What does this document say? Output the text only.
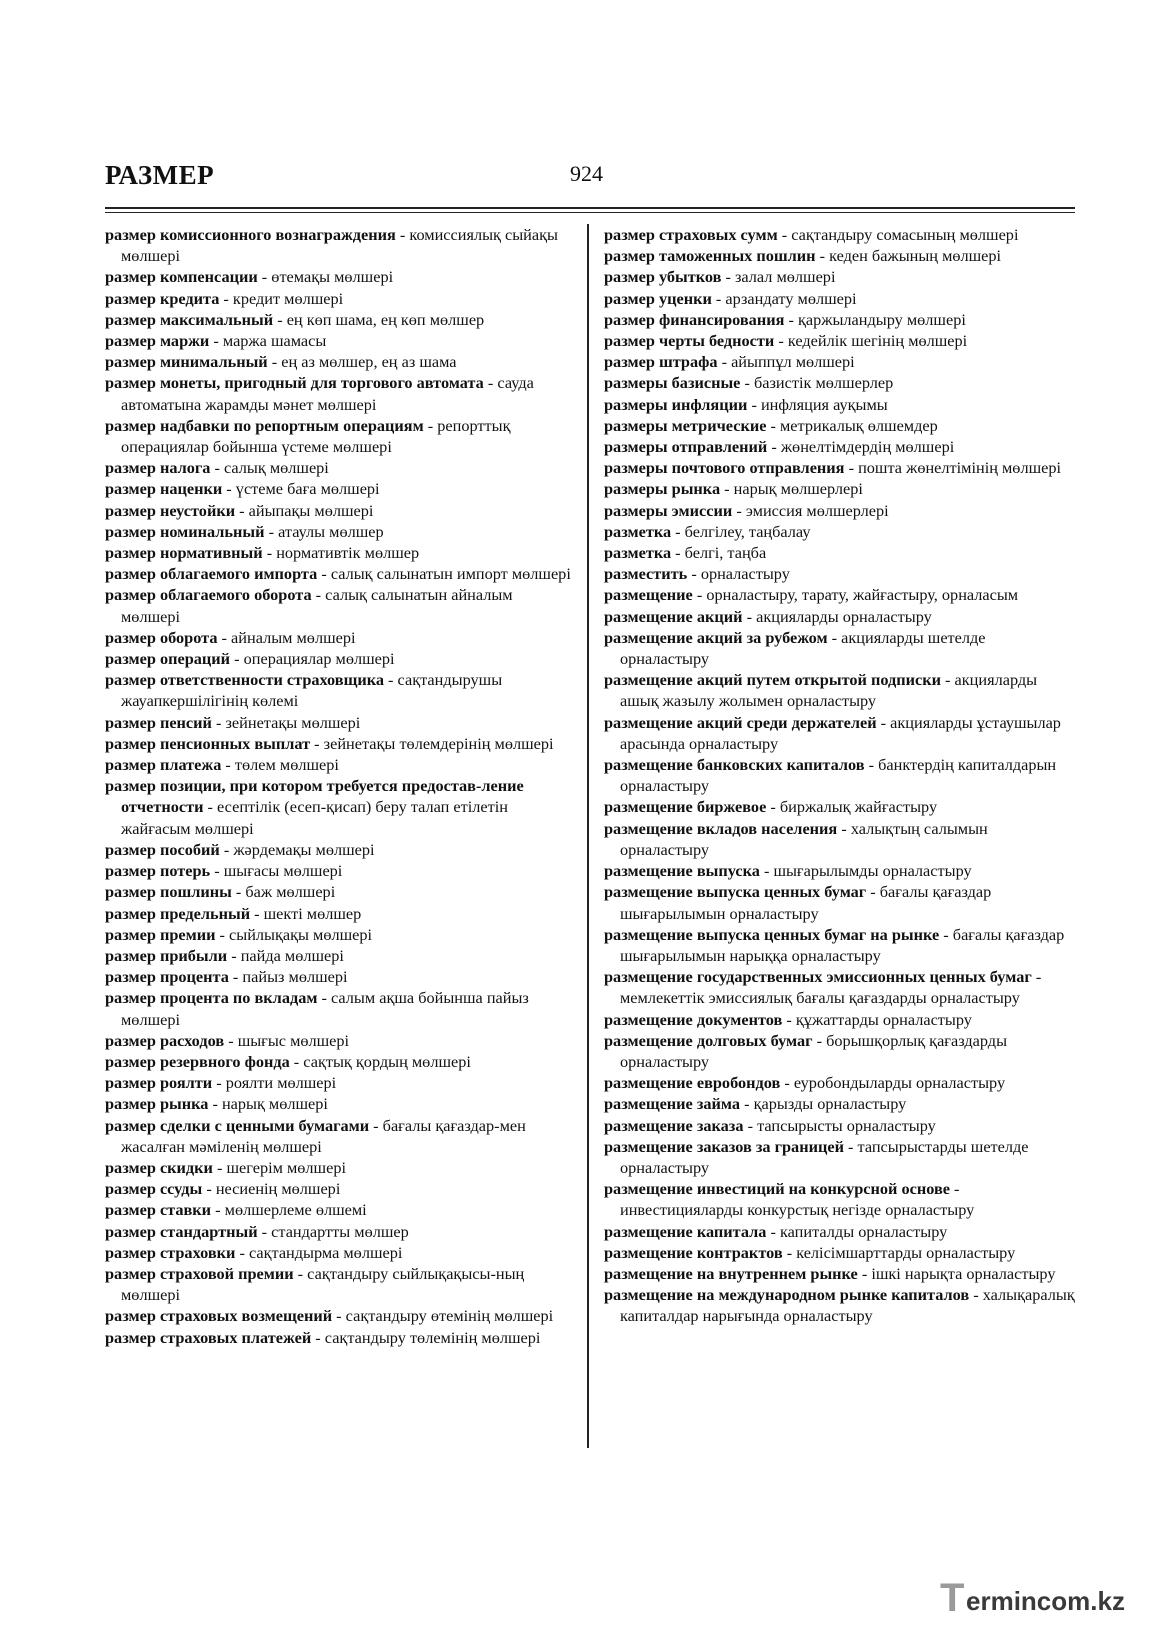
РАЗМЕР	924
размер комиссионного вознаграждения - комиссиялық сыйақы мөлшері
размер компенсации - өтемақы мөлшері
размер кредита - кредит мөлшері
размер максимальный - ең көп шама, ең көп мөлшер
размер маржи - маржа шамасы
размер минимальный - ең аз мөлшер, ең аз шама
размер монеты, пригодный для торгового автомата - сауда автоматына жарамды мəнет мөлшері
размер надбавки по репортным операциям - репорттық операциялар бойынша үстеме мөлшері
размер налога - салық мөлшері
размер наценки - үстеме баға мөлшері
размер неустойки - айыпақы мөлшері
размер номинальный - атаулы мөлшер
размер нормативный - нормативтік мөлшер
размер облагаемого импорта - салық салынатын импорт мөлшері
размер облагаемого оборота - салық салынатын айналым мөлшері
размер оборота - айналым мөлшері
размер операций - операциялар мөлшері
размер ответственности страховщика - сақтандырушы жауапкершілігінің көлемі
размер пенсий - зейнетақы мөлшері
размер пенсионных выплат - зейнетақы төлемдерінің мөлшері
размер платежа - төлем мөлшері
размер позиции, при котором требуется предостав-ление отчетности - есептілік (есеп-қисап) беру талап етілетін жайғасым мөлшері
размер пособий - жəрдемақы мөлшері
размер потерь - шығасы мөлшері
размер пошлины - баж мөлшері
размер предельный - шекті мөлшер
размер премии - сыйлықақы мөлшері
размер прибыли - пайда мөлшері
размер процента - пайыз мөлшері
размер процента по вкладам - салым ақша бойынша пайыз мөлшері
размер расходов - шығыс мөлшері
размер резервного фонда - сақтық қордың мөлшері
размер роялти - роялти мөлшері
размер рынка - нарық мөлшері
размер сделки с ценными бумагами - бағалы қағаздар-мен жасалған мəміленің мөлшері
размер скидки - шегерім мөлшері
размер ссуды - несиенің мөлшері
размер ставки - мөлшерлеме өлшемі
размер стандартный - стандартты мөлшер
размер страховки - сақтандырма мөлшері
размер страховой премии - сақтандыру сыйлықақысы-ның мөлшері
размер страховых возмещений - сақтандыру өтемінің мөлшері
размер страховых платежей - сақтандыру төлемінің мөлшері
размер страховых сумм - сақтандыру сомасының мөлшері
размер таможенных пошлин - кеден бажының мөлшері
размер убытков - залал мөлшері
размер уценки - арзандату мөлшері
размер финансирования - қаржыландыру мөлшері
размер черты бедности - кедейлік шегінің мөлшері
размер штрафа - айыппұл мөлшері
размеры базисные - базистік мөлшерлер
размеры инфляции - инфляция ауқымы
размеры метрические - метрикалық өлшемдер
размеры отправлений - жөнелтімдердің мөлшері
размеры почтового отправления - пошта жөнелтімінің мөлшері
размеры рынка - нарық мөлшерлері
размеры эмиссии - эмиссия мөлшерлері
разметка - белгілеу, таңбалау
разметка - белгі, таңба
разместить - орналастыру
размещение - орналастыру, тарату, жайғастыру, орналасым
размещение акций - акцияларды орналастыру
размещение акций за рубежом - акцияларды шетелде орналастыру
размещение акций путем открытой подписки - акцияларды ашық жазылу жолымен орналастыру
размещение акций среди держателей - акцияларды ұстаушылар арасында орналастыру
размещение банковских капиталов - банктердің капиталдарын орналастыру
размещение биржевое - биржалық жайғастыру
размещение вкладов населения - халықтың салымын орналастыру
размещение выпуска - шығарылымды орналастыру
размещение выпуска ценных бумаг - бағалы қағаздар шығарылымын орналастыру
размещение выпуска ценных бумаг на рынке - бағалы қағаздар шығарылымын нарыққа орналастыру
размещение государственных эмиссионных ценных бумаг - мемлекеттік эмиссиялық бағалы қағаздарды орналастыру
размещение документов - құжаттарды орналастыру
размещение долговых бумаг - борышқорлық қағаздарды орналастыру
размещение евробондов - еуробондыларды орналастыру
размещение займа - қарызды орналастыру
размещение заказа - тапсырысты орналастыру
размещение заказов за границей - тапсырыстарды шетелде орналастыру
размещение инвестиций на конкурсной основе - инвестицияларды конкурстық негізде орналастыру
размещение капитала - капиталды орналастыру
размещение контрактов - келісімшарттарды орналастыру
размещение на внутреннем рынке - ішкі нарықта орналастыру
размещение на международном рынке капиталов - халықаралық капиталдар нарығында орналастыру
T ermincom.kz
